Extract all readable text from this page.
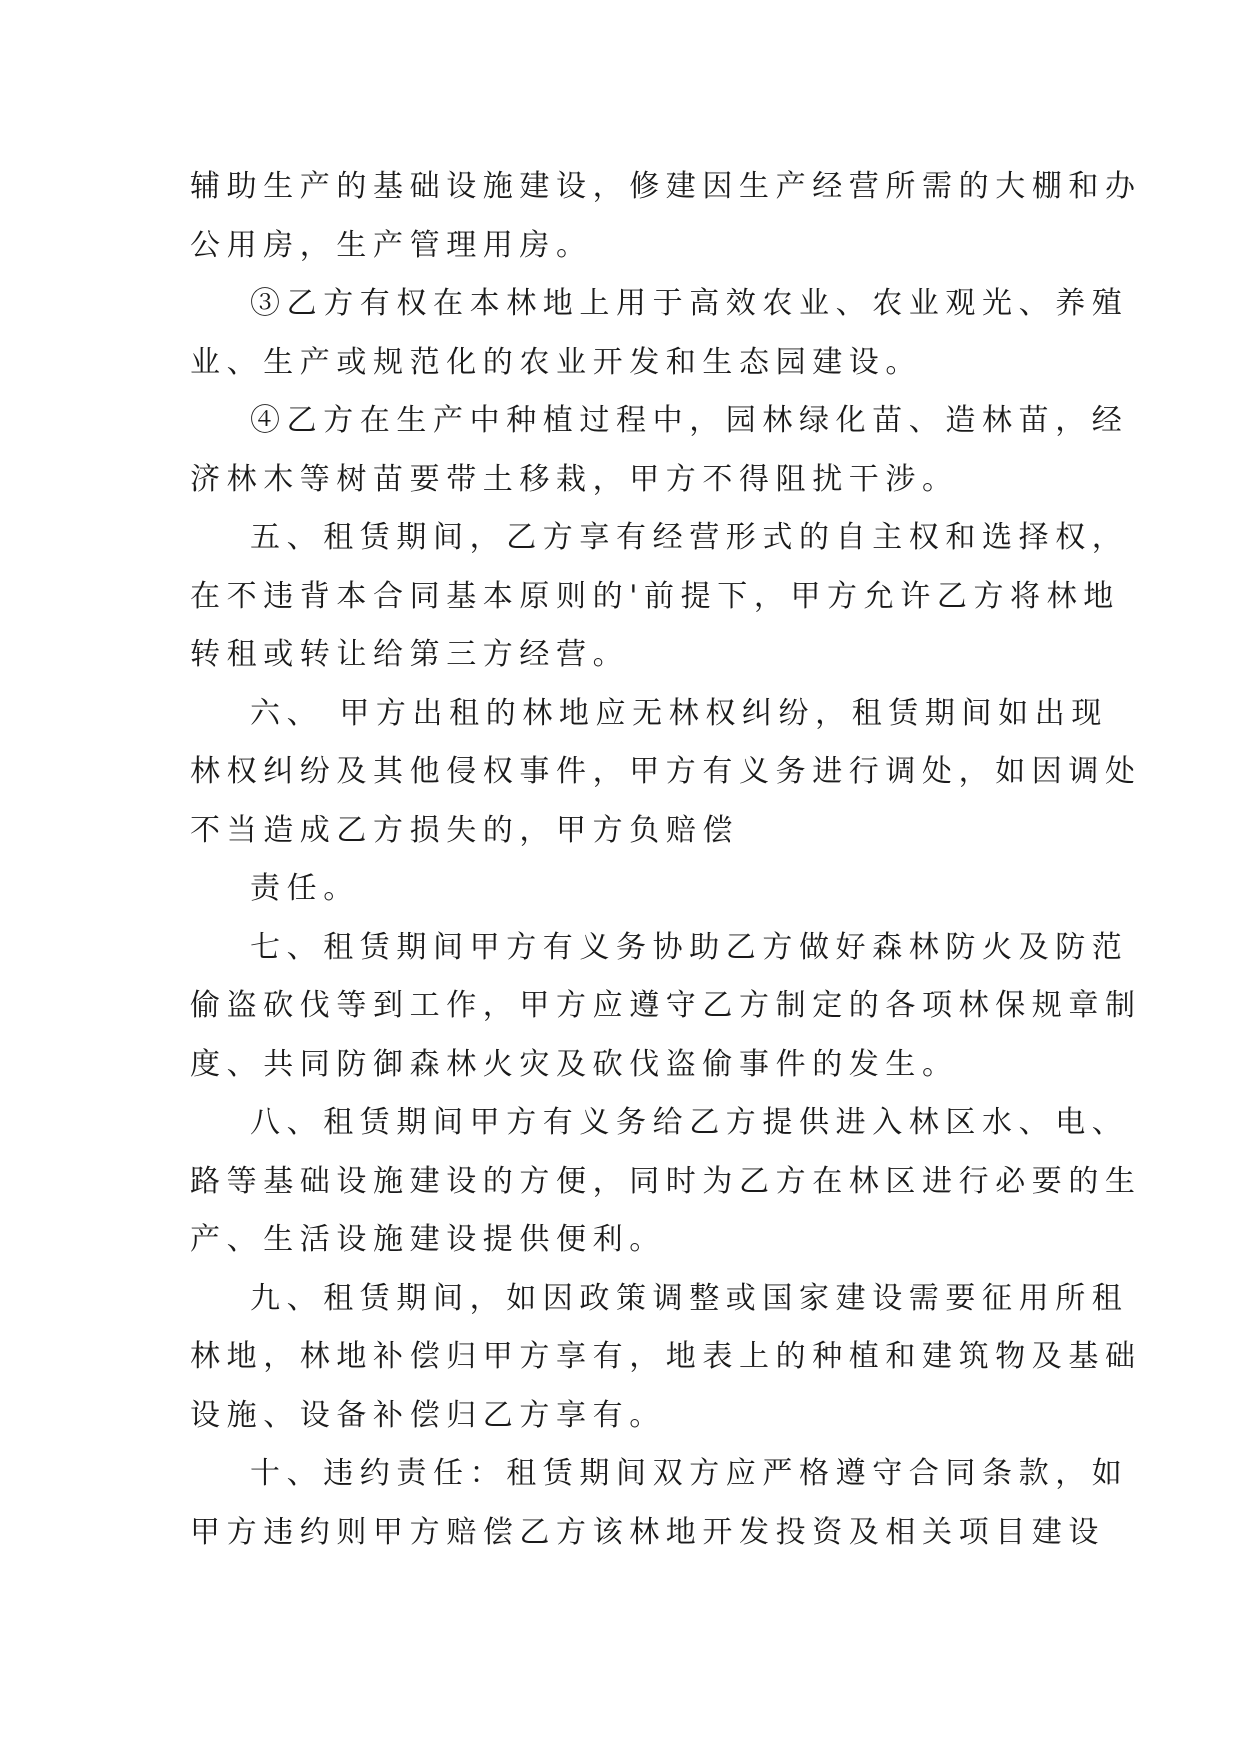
辅助生产的基础设施建设，修建因生产经营所需的大棚和办
公用房，生产管理用房。
③乙方有权在本林地上用于高效农业、农业观光、养殖
业、生产或规范化的农业开发和生态园建设。
④乙方在生产中种植过程中，园林绿化苗、造林苗，经
济林木等树苗要带土移栽，甲方不得阻扰干涉。
五、租赁期间，乙方享有经营形式的自主权和选择权，
在不违背本合同基本原则的'前提下，甲方允许乙方将林地
转租或转让给第三方经营。
六、 甲方出租的林地应无林权纠纷，租赁期间如出现
林权纠纷及其他侵权事件，甲方有义务进行调处，如因调处
不当造成乙方损失的，甲方负赔偿
责任。
七、租赁期间甲方有义务协助乙方做好森林防火及防范
偷盗砍伐等到工作，甲方应遵守乙方制定的各项林保规章制
度、共同防御森林火灾及砍伐盗偷事件的发生。
八、租赁期间甲方有义务给乙方提供进入林区水、电、
路等基础设施建设的方便，同时为乙方在林区进行必要的生
产、生活设施建设提供便利。
九、租赁期间，如因政策调整或国家建设需要征用所租
林地，林地补偿归甲方享有，地表上的种植和建筑物及基础
设施、设备补偿归乙方享有。
十、违约责任：租赁期间双方应严格遵守合同条款，如
甲方违约则甲方赔偿乙方该林地开发投资及相关项目建设
